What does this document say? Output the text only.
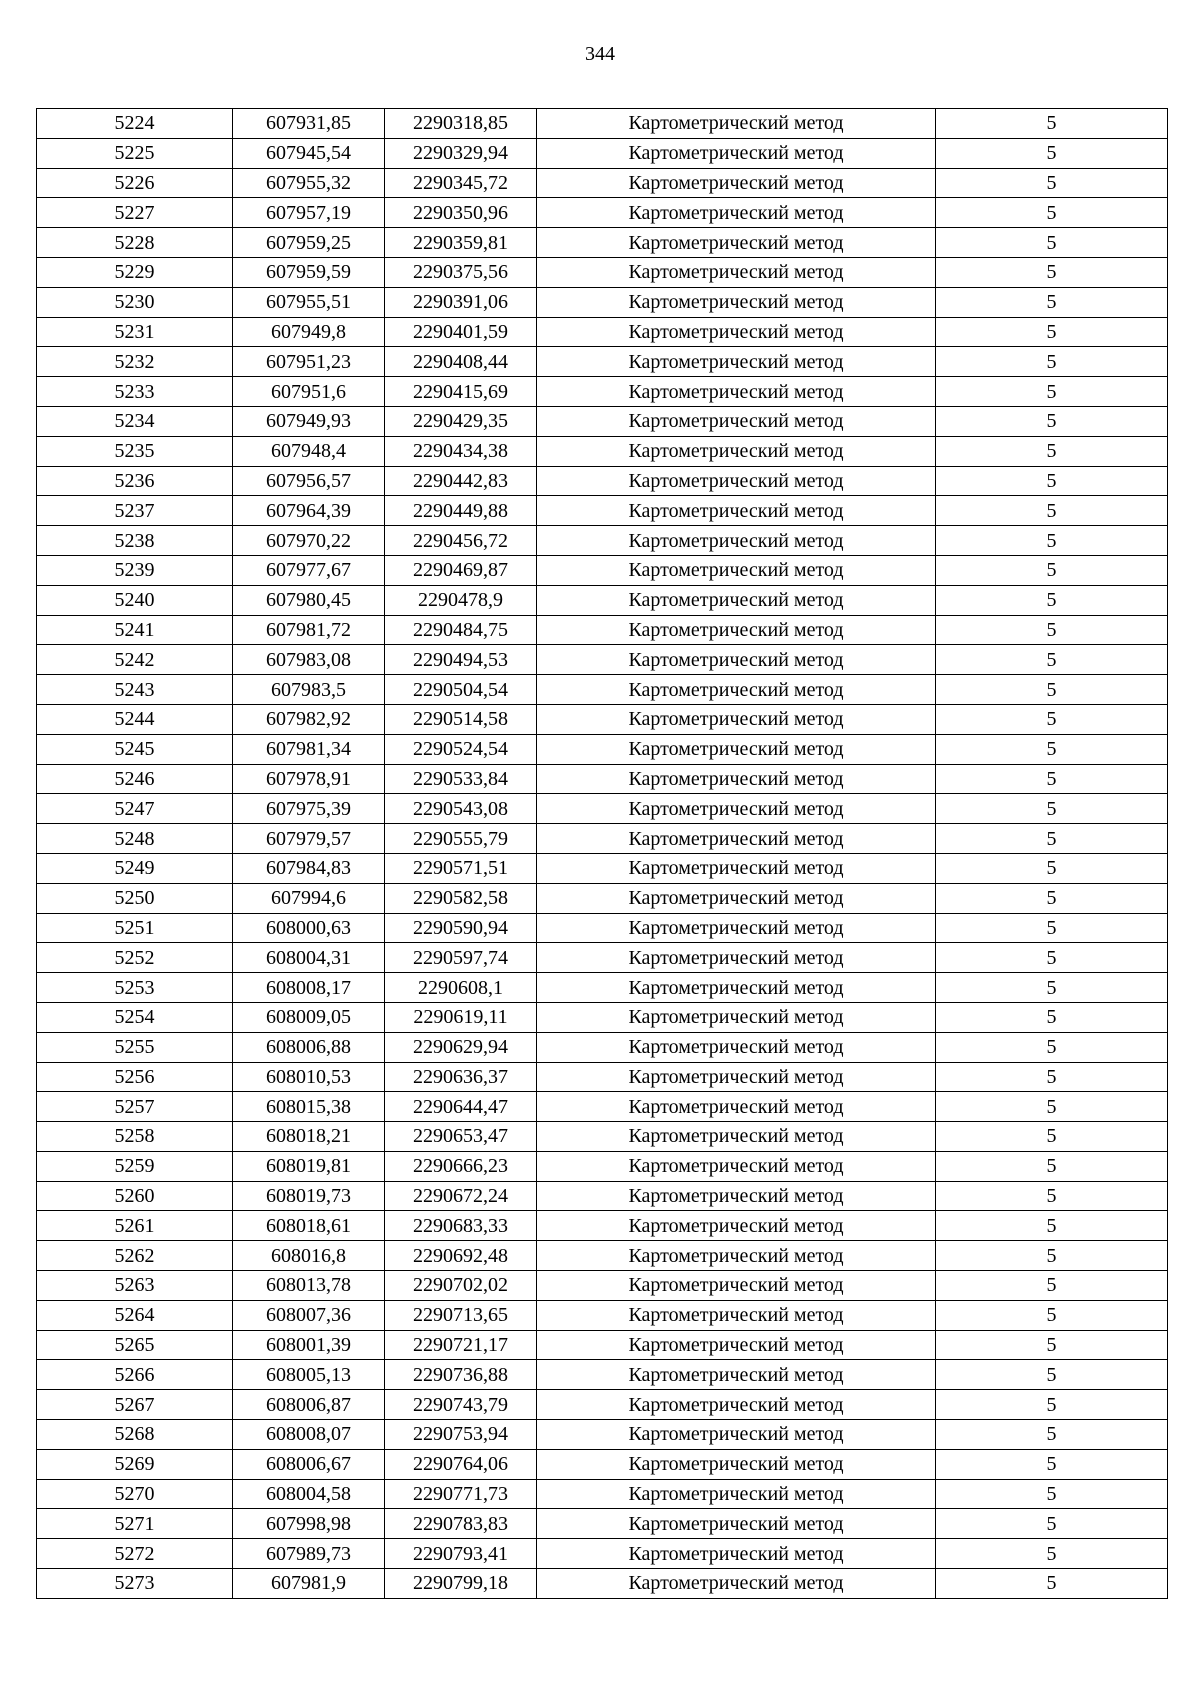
344
5224	607931,85	2290318,85	Картометрический метод	5
5225	607945,54	2290329,94	Картометрический метод	5
5226	607955,32	2290345,72	Картометрический метод	5
5227	607957,19	2290350,96	Картометрический метод	5
5228	607959,25	2290359,81	Картометрический метод	5
5229	607959,59	2290375,56	Картометрический метод	5
5230	607955,51	2290391,06	Картометрический метод	5
5231	607949,8	2290401,59	Картометрический метод	5
5232	607951,23	2290408,44	Картометрический метод	5
5233	607951,6	2290415,69	Картометрический метод	5
5234	607949,93	2290429,35	Картометрический метод	5
5235	607948,4	2290434,38	Картометрический метод	5
5236	607956,57	2290442,83	Картометрический метод	5
5237	607964,39	2290449,88	Картометрический метод	5
5238	607970,22	2290456,72	Картометрический метод	5
5239	607977,67	2290469,87	Картометрический метод	5
5240	607980,45	2290478,9	Картометрический метод	5
5241	607981,72	2290484,75	Картометрический метод	5
5242	607983,08	2290494,53	Картометрический метод	5
5243	607983,5	2290504,54	Картометрический метод	5
5244	607982,92	2290514,58	Картометрический метод	5
5245	607981,34	2290524,54	Картометрический метод	5
5246	607978,91	2290533,84	Картометрический метод	5
5247	607975,39	2290543,08	Картометрический метод	5
5248	607979,57	2290555,79	Картометрический метод	5
5249	607984,83	2290571,51	Картометрический метод	5
5250	607994,6	2290582,58	Картометрический метод	5
5251	608000,63	2290590,94	Картометрический метод	5
5252	608004,31	2290597,74	Картометрический метод	5
5253	608008,17	2290608,1	Картометрический метод	5
5254	608009,05	2290619,11	Картометрический метод	5
5255	608006,88	2290629,94	Картометрический метод	5
5256	608010,53	2290636,37	Картометрический метод	5
5257	608015,38	2290644,47	Картометрический метод	5
5258	608018,21	2290653,47	Картометрический метод	5
5259	608019,81	2290666,23	Картометрический метод	5
5260	608019,73	2290672,24	Картометрический метод	5
5261	608018,61	2290683,33	Картометрический метод	5
5262	608016,8	2290692,48	Картометрический метод	5
5263	608013,78	2290702,02	Картометрический метод	5
5264	608007,36	2290713,65	Картометрический метод	5
5265	608001,39	2290721,17	Картометрический метод	5
5266	608005,13	2290736,88	Картометрический метод	5
5267	608006,87	2290743,79	Картометрический метод	5
5268	608008,07	2290753,94	Картометрический метод	5
5269	608006,67	2290764,06	Картометрический метод	5
5270	608004,58	2290771,73	Картометрический метод	5
5271	607998,98	2290783,83	Картометрический метод	5
5272	607989,73	2290793,41	Картометрический метод	5
5273	607981,9	2290799,18	Картометрический метод	5
